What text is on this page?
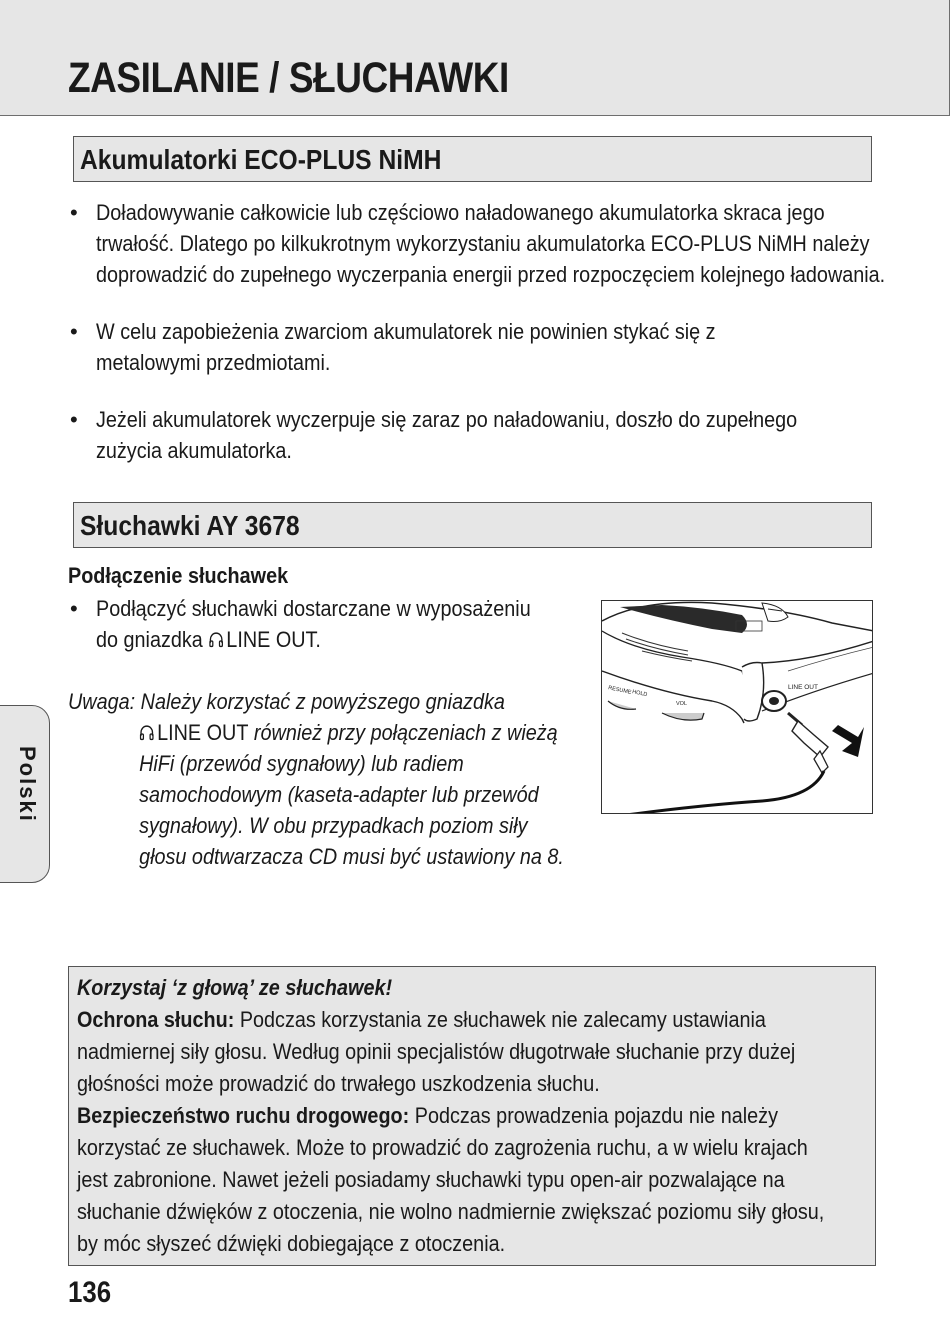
ZASILANIE / SŁUCHAWKI
Akumulatorki ECO-PLUS NiMH
• Doładowywanie całkowicie lub częściowo naładowanego akumulatorka skraca jego
trwałość. Dlatego po kilkukrotnym wykorzystaniu akumulatorka ECO-PLUS NiMH należy
doprowadzić do zupełnego wyczerpania energii przed rozpoczęciem kolejnego ładowania.
• W celu zapobieżenia zwarciom akumulatorek nie powinien stykać się z
metalowymi przedmiotami.
• Jeżeli akumulatorek wyczerpuje się zaraz po naładowaniu, doszło do zupełnego
zużycia akumulatorka.
Słuchawki AY 3678
Podłączenie słuchawek
• Podłączyć słuchawki dostarczane w wyposażeniu
do gniazdka LINE OUT.
Uwaga: Należy korzystać z powyższego gniazdka
LINE OUT również przy połączeniach z wieżą
HiFi (przewód sygnałowy) lub radiem
samochodowym (kaseta-adapter lub przewód
sygnałowy). W obu przypadkach poziom siły
głosu odtwarzacza CD musi być ustawiony na 8.
ESP
LINE OUT
RESUME HOLD
VOL
Polski
Korzystaj ‘z głową’ ze słuchawek!
Ochrona słuchu: Podczas korzystania ze słuchawek nie zalecamy ustawiania
nadmiernej siły głosu. Według opinii specjalistów długotrwałe słuchanie przy dużej
głośności może prowadzić do trwałego uszkodzenia słuchu.
Bezpieczeństwo ruchu drogowego: Podczas prowadzenia pojazdu nie należy
korzystać ze słuchawek. Może to prowadzić do zagrożenia ruchu, a w wielu krajach
jest zabronione. Nawet jeżeli posiadamy słuchawki typu open-air pozwalające na
słuchanie dźwięków z otoczenia, nie wolno nadmiernie zwiększać poziomu siły głosu,
by móc słyszeć dźwięki dobiegające z otoczenia.
136
